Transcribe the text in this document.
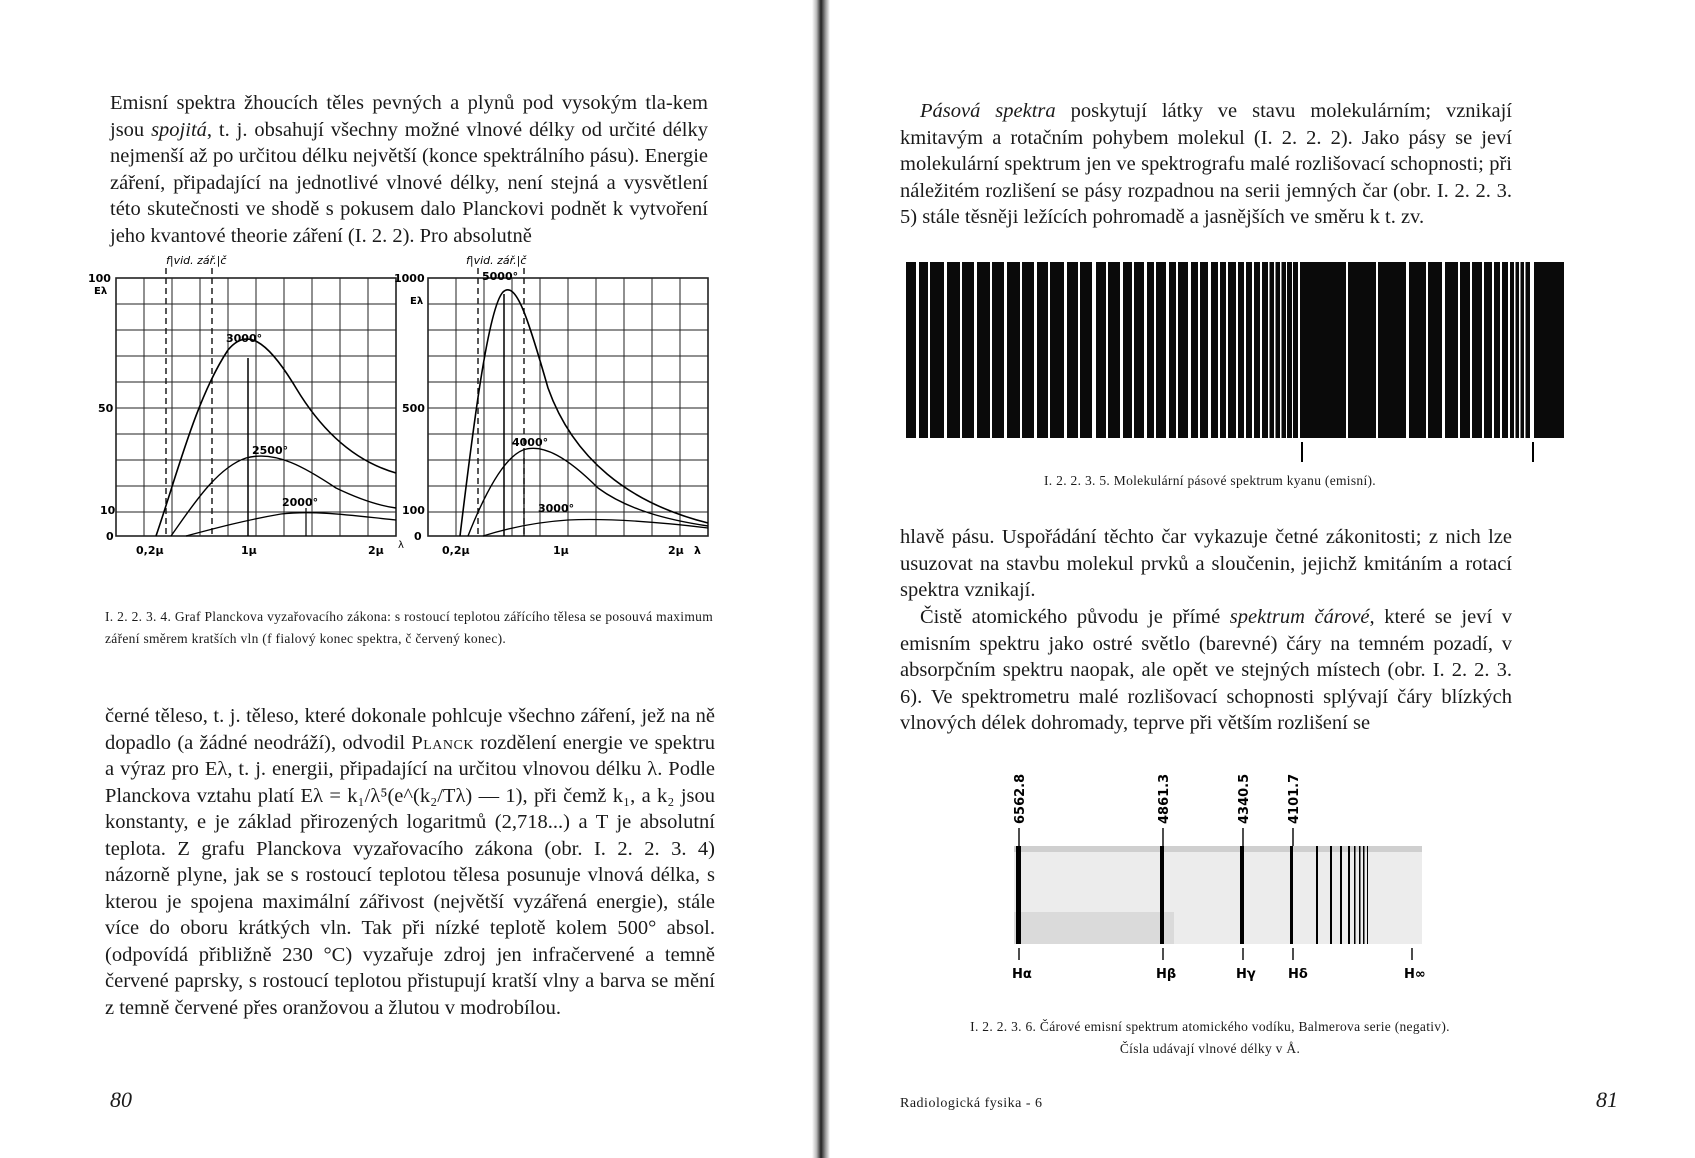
Emisní spektra žhoucích těles pevných a plynů pod vysokým tla-kem jsou spojitá, t. j. obsahují všechny možné vlnové délky od určité délky nejmenší až po určitou délku největší (konce spektrálního pásu). Energie záření, připadající na jednotlivé vlnové délky, není stejná a vysvětlení této skutečnosti ve shodě s pokusem dalo Planckovi podnět k vytvoření jeho kvantové theorie záření (I. 2. 2). Pro absolutně

f|vid. zář.|č
Eλ
100
50
10
0
0,2μ	1μ	2μ λ
3000°
2500°
2000°
f|vid. zář.|č
Eλ
1000
500
100
0
0,2μ	1μ	2μ λ
5000°
4000°
3000°

I. 2. 2. 3. 4. Graf Planckova vyzařovacího zákona: s rostoucí teplotou zářícího tělesa se posouvá maximum záření směrem kratších vln (f fialový konec spektra, č červený konec).

černé těleso, t. j. těleso, které dokonale pohlcuje všechno záření, jež na ně dopadlo (a žádné neodráží), odvodil Planck rozdělení energie ve spektru a výraz pro Eλ, t. j. energii, připadající na určitou vlnovou délku λ. Podle Planckova vztahu platí Eλ = k₁/λ⁵(e^(k₂/Tλ) — 1), při čemž k₁, a k₂ jsou konstanty, e je základ přirozených logaritmů (2,718...) a T je absolutní teplota. Z grafu Planckova vyzařovacího zákona (obr. I. 2. 2. 3. 4) názorně plyne, jak se s rostoucí teplotou tělesa posunuje vlnová délka, s kterou je spojena maximální zářivost (největší vyzářená energie), stále více do oboru krátkých vln. Tak při nízké teplotě kolem 500° absol. (odpovídá přibližně 230 °C) vyzařuje zdroj jen infračervené a temně červené paprsky, s rostoucí teplotou přistupují kratší vlny a barva se mění z temně červené přes oranžovou a žlutou v modrobílou.

80

Pásová spektra poskytují látky ve stavu molekulárním; vznikají kmitavým a rotačním pohybem molekul (I. 2. 2. 2). Jako pásy se jeví molekulární spektrum jen ve spektrografu malé rozlišovací schopnosti; při náležitém rozlišení se pásy rozpadnou na serii jemných čar (obr. I. 2. 2. 3. 5) stále těsněji ležících pohromadě a jasnějších ve směru k t. zv.

I. 2. 2. 3. 5. Molekulární pásové spektrum kyanu (emisní).

hlavě pásu. Uspořádání těchto čar vykazuje četné zákonitosti; z nich lze usuzovat na stavbu molekul prvků a sloučenin, jejichž kmitáním a rotací spektra vznikají.

Čistě atomického původu je přímé spektrum čárové, které se jeví v emisním spektru jako ostré světlo (barevné) čáry na temném pozadí, v absorpčním spektru naopak, ale opět ve stejných místech (obr. I. 2. 2. 3. 6). Ve spektrometru malé rozlišovací schopnosti splývají čáry blízkých vlnových délek dohromady, teprve při větším rozlišení se

6562.8	4861.3	4340.5	4101.7
Hα	Hβ	Hγ Hδ	H∞

I. 2. 2. 3. 6. Čárové emisní spektrum atomického vodíku, Balmerova serie (negativ).

Čísla udávají vlnové délky v Å.

Radiologická fysika - 6	81
